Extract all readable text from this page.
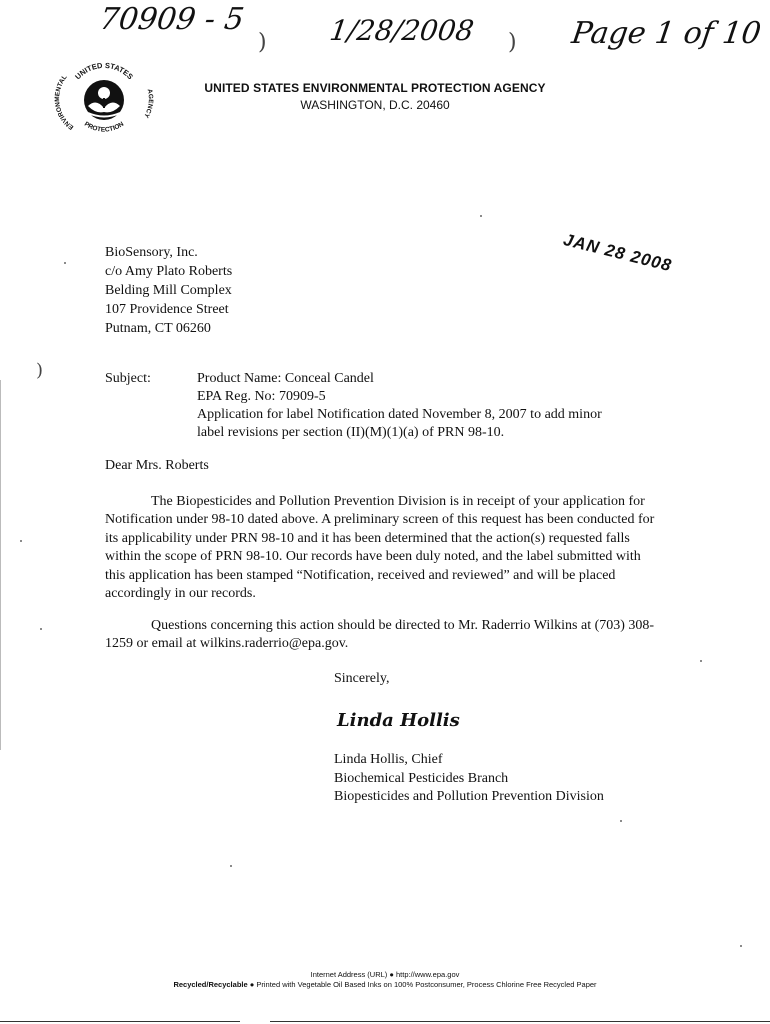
70909 - 5
) 1/28/2008 ) Page 1 of 10
UNITED STATES
ENVIRONMENTAL
AGENCY
PROTECTION
UNITED STATES ENVIRONMENTAL PROTECTION AGENCY
WASHINGTON, D.C. 20460
JAN 28 2008
BioSensory, Inc.
c/o Amy Plato Roberts
Belding Mill Complex
107 Providence Street
Putnam, CT 06260
Subject:	Product Name: Conceal Candel
EPA Reg. No: 70909-5
Application for label Notification dated November 8, 2007 to add minor
label revisions per section (II)(M)(1)(a) of PRN 98-10.
Dear Mrs. Roberts

The Biopesticides and Pollution Prevention Division is in receipt of your application for Notification under 98-10 dated above. A preliminary screen of this request has been conducted for its applicability under PRN 98-10 and it has been determined that the action(s) requested falls within the scope of PRN 98-10. Our records have been duly noted, and the label submitted with this application has been stamped “Notification, received and reviewed” and will be placed accordingly in our records.

Questions concerning this action should be directed to Mr. Raderrio Wilkins at (703) 308-1259 or email at wilkins.raderrio@epa.gov.

Sincerely,
Linda Hollis
Linda Hollis, Chief
Biochemical Pesticides Branch
Biopesticides and Pollution Prevention Division
Internet Address (URL) ● http://www.epa.gov
Recycled/Recyclable ● Printed with Vegetable Oil Based Inks on 100% Postconsumer, Process Chlorine Free Recycled Paper
)
